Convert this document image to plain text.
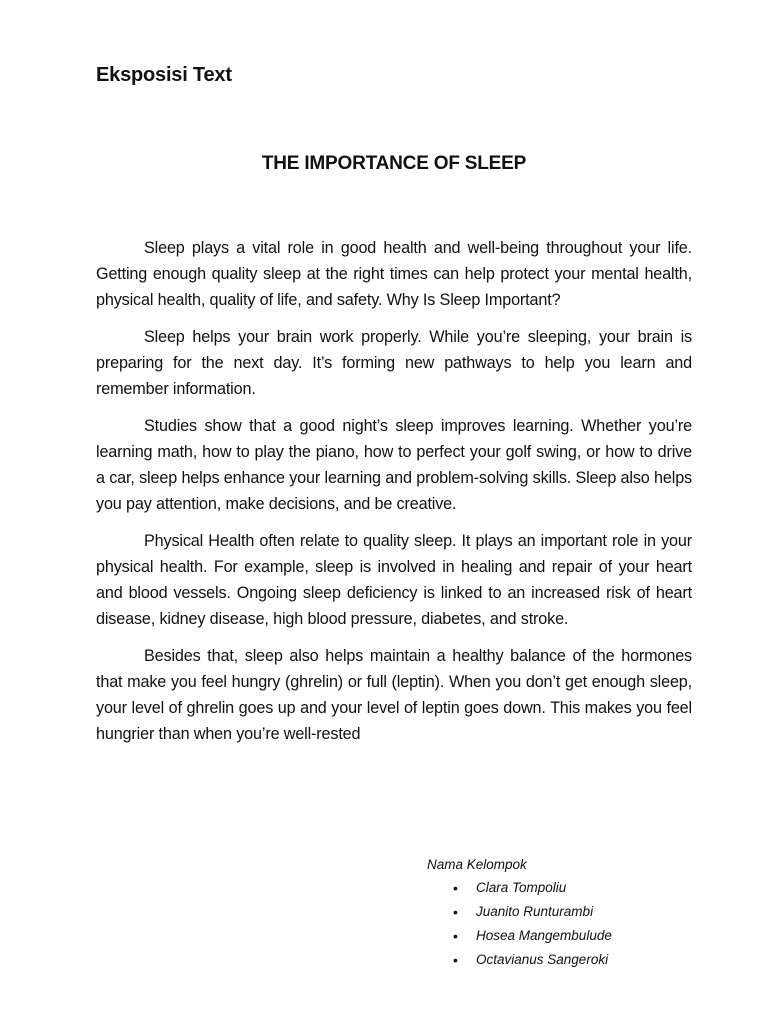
Eksposisi Text
THE IMPORTANCE OF SLEEP

Sleep plays a vital role in good health and well-being throughout your life. Getting enough quality sleep at the right times can help protect your mental health, physical health, quality of life, and safety. Why Is Sleep Important?

Sleep helps your brain work properly. While you’re sleeping, your brain is preparing for the next day. It’s forming new pathways to help you learn and remember information.

Studies show that a good night’s sleep improves learning. Whether you’re learning math, how to play the piano, how to perfect your golf swing, or how to drive a car, sleep helps enhance your learning and problem-solving skills. Sleep also helps you pay attention, make decisions, and be creative.

Physical Health often relate to quality sleep. It plays an important role in your physical health. For example, sleep is involved in healing and repair of your heart and blood vessels. Ongoing sleep deficiency is linked to an increased risk of heart disease, kidney disease, high blood pressure, diabetes, and stroke.

Besides that, sleep also helps maintain a healthy balance of the hormones that make you feel hungry (ghrelin) or full (leptin). When you don’t get enough sleep, your level of ghrelin goes up and your level of leptin goes down. This makes you feel hungrier than when you’re well-rested

Nama Kelompok
• Clara Tompoliu
• Juanito Runturambi
• Hosea Mangembulude
• Octavianus Sangeroki
